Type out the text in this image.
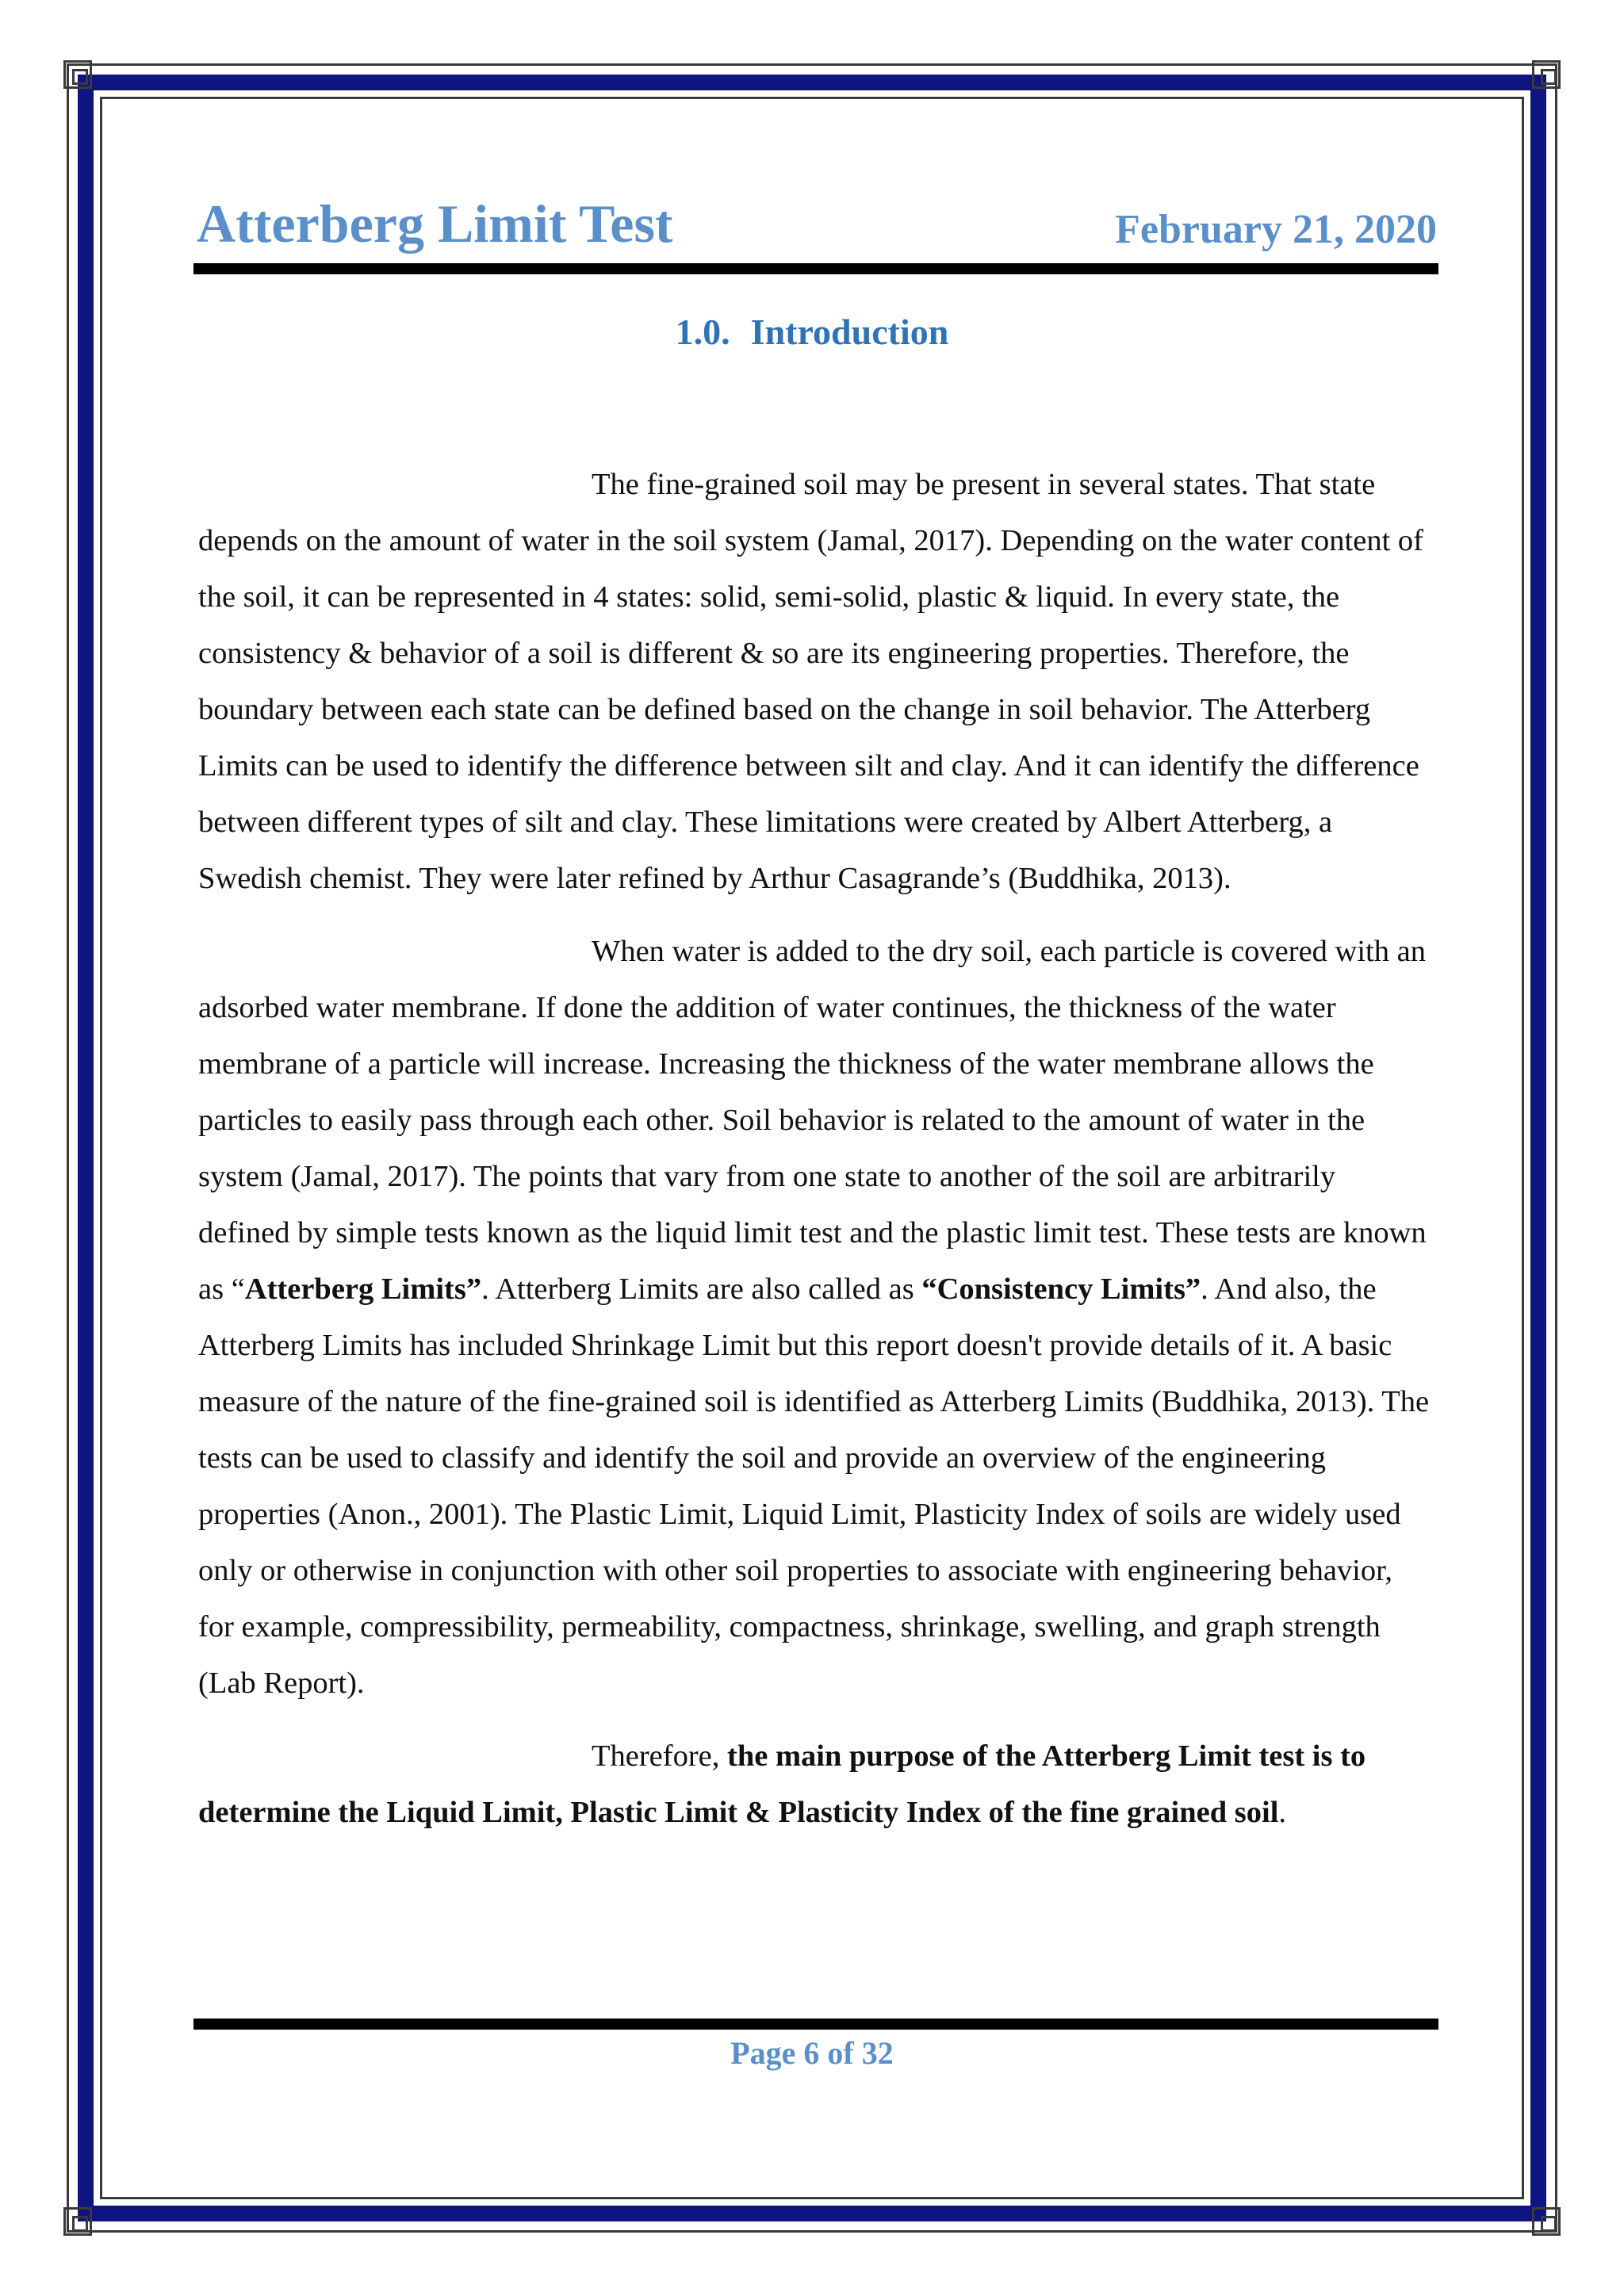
Atterberg Limit Test	February 21, 2020
1.0. Introduction

The fine-grained soil may be present in several states. That state depends on the amount of water in the soil system (Jamal, 2017). Depending on the water content of the soil, it can be represented in 4 states: solid, semi-solid, plastic & liquid. In every state, the consistency & behavior of a soil is different & so are its engineering properties. Therefore, the boundary between each state can be defined based on the change in soil behavior. The Atterberg Limits can be used to identify the difference between silt and clay. And it can identify the difference between different types of silt and clay. These limitations were created by Albert Atterberg, a Swedish chemist. They were later refined by Arthur Casagrande’s (Buddhika, 2013).

When water is added to the dry soil, each particle is covered with an adsorbed water membrane. If done the addition of water continues, the thickness of the water membrane of a particle will increase. Increasing the thickness of the water membrane allows the particles to easily pass through each other. Soil behavior is related to the amount of water in the system (Jamal, 2017). The points that vary from one state to another of the soil are arbitrarily defined by simple tests known as the liquid limit test and the plastic limit test. These tests are known as “Atterberg Limits”. Atterberg Limits are also called as “Consistency Limits”. And also, the Atterberg Limits has included Shrinkage Limit but this report doesn't provide details of it. A basic measure of the nature of the fine-grained soil is identified as Atterberg Limits (Buddhika, 2013). The tests can be used to classify and identify the soil and provide an overview of the engineering properties (Anon., 2001). The Plastic Limit, Liquid Limit, Plasticity Index of soils are widely used only or otherwise in conjunction with other soil properties to associate with engineering behavior, for example, compressibility, permeability, compactness, shrinkage, swelling, and graph strength (Lab Report).

Therefore, the main purpose of the Atterberg Limit test is to determine the Liquid Limit, Plastic Limit & Plasticity Index of the fine grained soil.

Page 6 of 32
